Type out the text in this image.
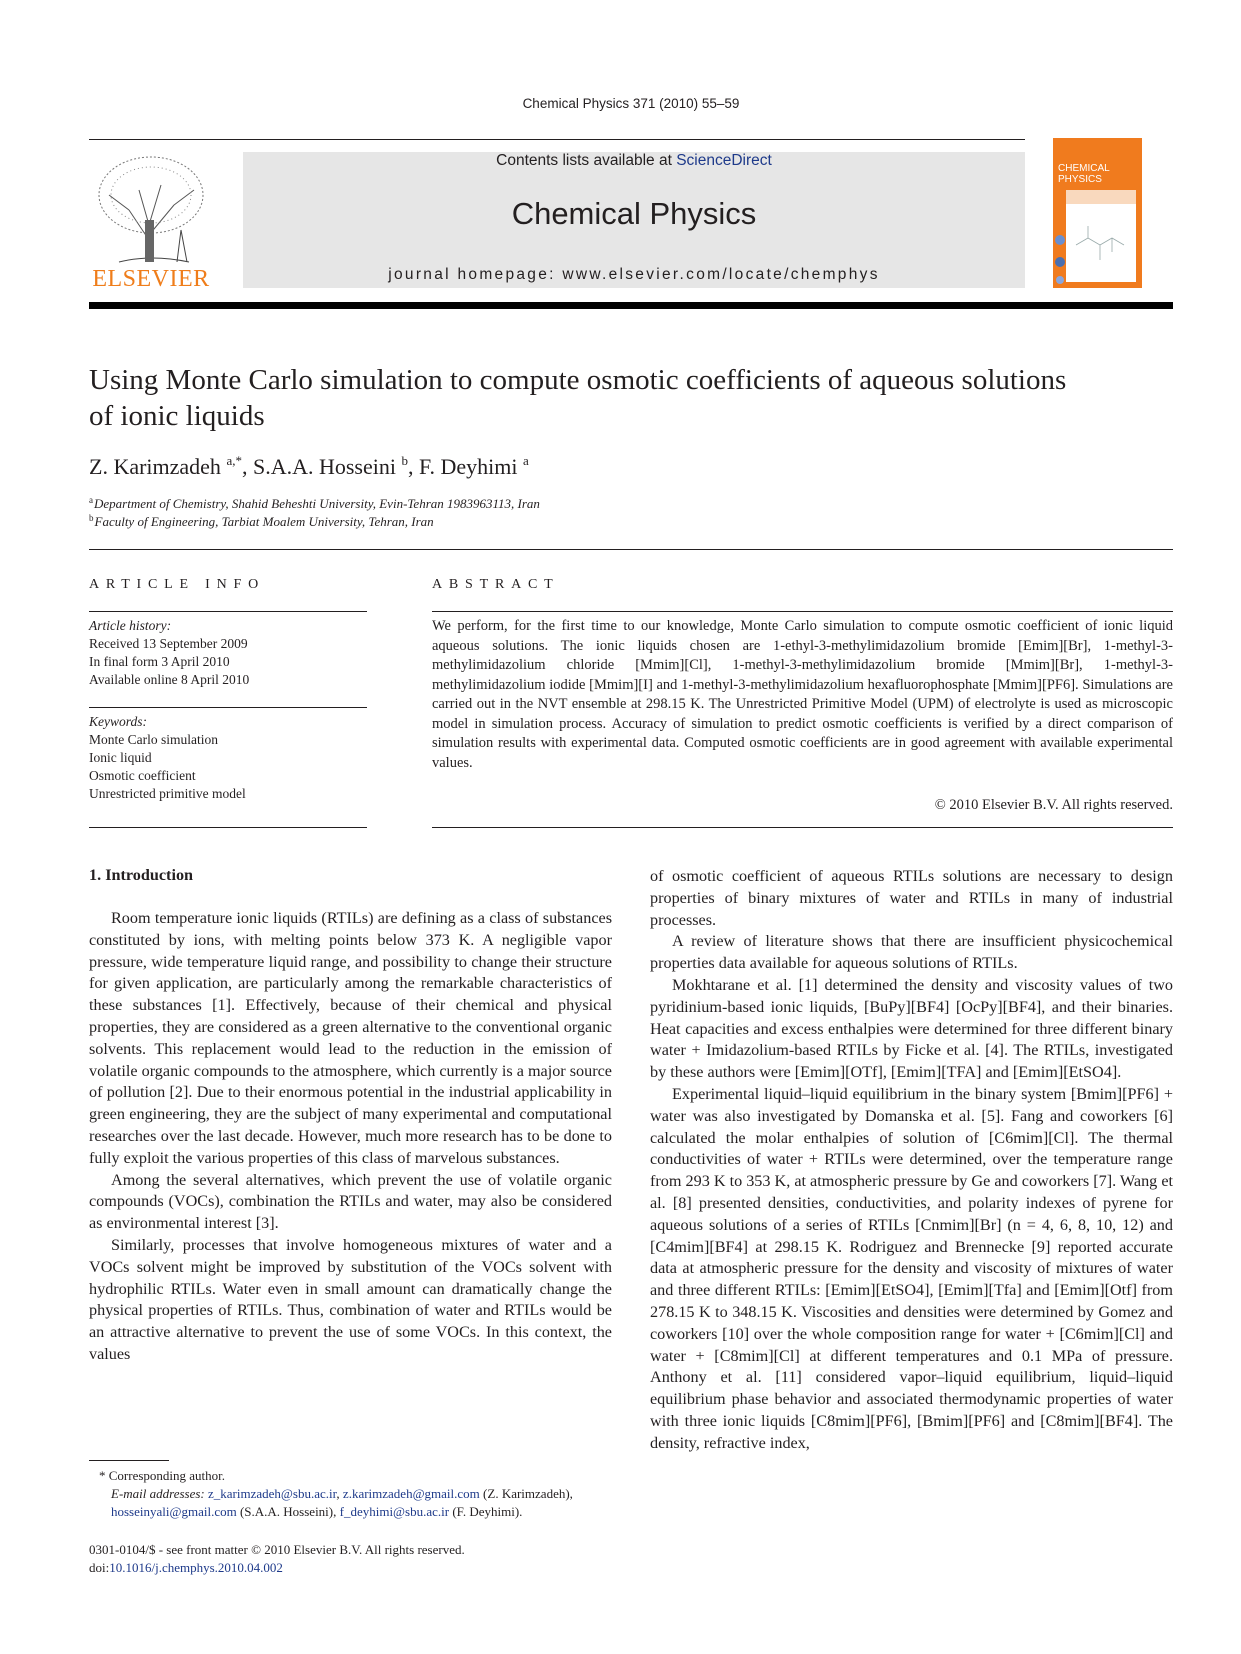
Chemical Physics 371 (2010) 55–59
ELSEVIER
Contents lists available at ScienceDirect
Chemical Physics
journal homepage: www.elsevier.com/locate/chemphys
CHEMICAL
PHYSICS
Using Monte Carlo simulation to compute osmotic coefficients of aqueous solutions of ionic liquids
Z. Karimzadeh $^{a,*}$, S.A.A. Hosseini $^b$, F. Deyhimi $^a$
$^a$Department of Chemistry, Shahid Beheshti University, Evin-Tehran 1983963113, Iran
$^b$Faculty of Engineering, Tarbiat Moalem University, Tehran, Iran
ARTICLE INFO
Article history:
Received 13 September 2009
In final form 3 April 2010
Available online 8 April 2010
Keywords:
Monte Carlo simulation
Ionic liquid
Osmotic coefficient
Unrestricted primitive model
ABSTRACT
We perform, for the first time to our knowledge, Monte Carlo simulation to compute osmotic coefficient of ionic liquid aqueous solutions. The ionic liquids chosen are 1-ethyl-3-methylimidazolium bromide [Emim][Br], 1-methyl-3-methylimidazolium chloride [Mmim][Cl], 1-methyl-3-methylimidazolium bromide [Mmim][Br], 1-methyl-3-methylimidazolium iodide [Mmim][I] and 1-methyl-3-methylimidazolium hexafluorophosphate [Mmim][PF6]. Simulations are carried out in the NVT ensemble at 298.15 K. The Unrestricted Primitive Model (UPM) of electrolyte is used as microscopic model in simulation process. Accuracy of simulation to predict osmotic coefficients is verified by a direct comparison of simulation results with experimental data. Computed osmotic coefficients are in good agreement with available experimental values.
© 2010 Elsevier B.V. All rights reserved.
1. Introduction

Room temperature ionic liquids (RTILs) are defining as a class of substances constituted by ions, with melting points below 373 K. A negligible vapor pressure, wide temperature liquid range, and possibility to change their structure for given application, are particularly among the remarkable characteristics of these substances [1]. Effectively, because of their chemical and physical properties, they are considered as a green alternative to the conventional organic solvents. This replacement would lead to the reduction in the emission of volatile organic compounds to the atmosphere, which currently is a major source of pollution [2]. Due to their enormous potential in the industrial applicability in green engineering, they are the subject of many experimental and computational researches over the last decade. However, much more research has to be done to fully exploit the various properties of this class of marvelous substances.

Among the several alternatives, which prevent the use of volatile organic compounds (VOCs), combination the RTILs and water, may also be considered as environmental interest [3].

Similarly, processes that involve homogeneous mixtures of water and a VOCs solvent might be improved by substitution of the VOCs solvent with hydrophilic RTILs. Water even in small amount can dramatically change the physical properties of RTILs. Thus, combination of water and RTILs would be an attractive alternative to prevent the use of some VOCs. In this context, the values

of osmotic coefficient of aqueous RTILs solutions are necessary to design properties of binary mixtures of water and RTILs in many of industrial processes.

A review of literature shows that there are insufficient physicochemical properties data available for aqueous solutions of RTILs.

Mokhtarane et al. [1] determined the density and viscosity values of two pyridinium-based ionic liquids, [BuPy][BF4] [OcPy][BF4], and their binaries. Heat capacities and excess enthalpies were determined for three different binary water + Imidazolium-based RTILs by Ficke et al. [4]. The RTILs, investigated by these authors were [Emim][OTf], [Emim][TFA] and [Emim][EtSO4].

Experimental liquid–liquid equilibrium in the binary system [Bmim][PF6] + water was also investigated by Domanska et al. [5]. Fang and coworkers [6] calculated the molar enthalpies of solution of [C6mim][Cl]. The thermal conductivities of water + RTILs were determined, over the temperature range from 293 K to 353 K, at atmospheric pressure by Ge and coworkers [7]. Wang et al. [8] presented densities, conductivities, and polarity indexes of pyrene for aqueous solutions of a series of RTILs [Cnmim][Br] (n = 4, 6, 8, 10, 12) and [C4mim][BF4] at 298.15 K. Rodriguez and Brennecke [9] reported accurate data at atmospheric pressure for the density and viscosity of mixtures of water and three different RTILs: [Emim][EtSO4], [Emim][Tfa] and [Emim][Otf] from 278.15 K to 348.15 K. Viscosities and densities were determined by Gomez and coworkers [10] over the whole composition range for water + [C6mim][Cl] and water + [C8mim][Cl] at different temperatures and 0.1 MPa of pressure. Anthony et al. [11] considered vapor–liquid equilibrium, liquid–liquid equilibrium phase behavior and associated thermodynamic properties of water with three ionic liquids [C8mim][PF6], [Bmim][PF6] and [C8mim][BF4]. The density, refractive index,

* Corresponding author.
E-mail addresses: z_karimzadeh@sbu.ac.ir, z.karimzadeh@gmail.com (Z. Karimzadeh), hosseinyali@gmail.com (S.A.A. Hosseini), f_deyhimi@sbu.ac.ir (F. Deyhimi).
0301-0104/$ - see front matter © 2010 Elsevier B.V. All rights reserved.
doi:10.1016/j.chemphys.2010.04.002
